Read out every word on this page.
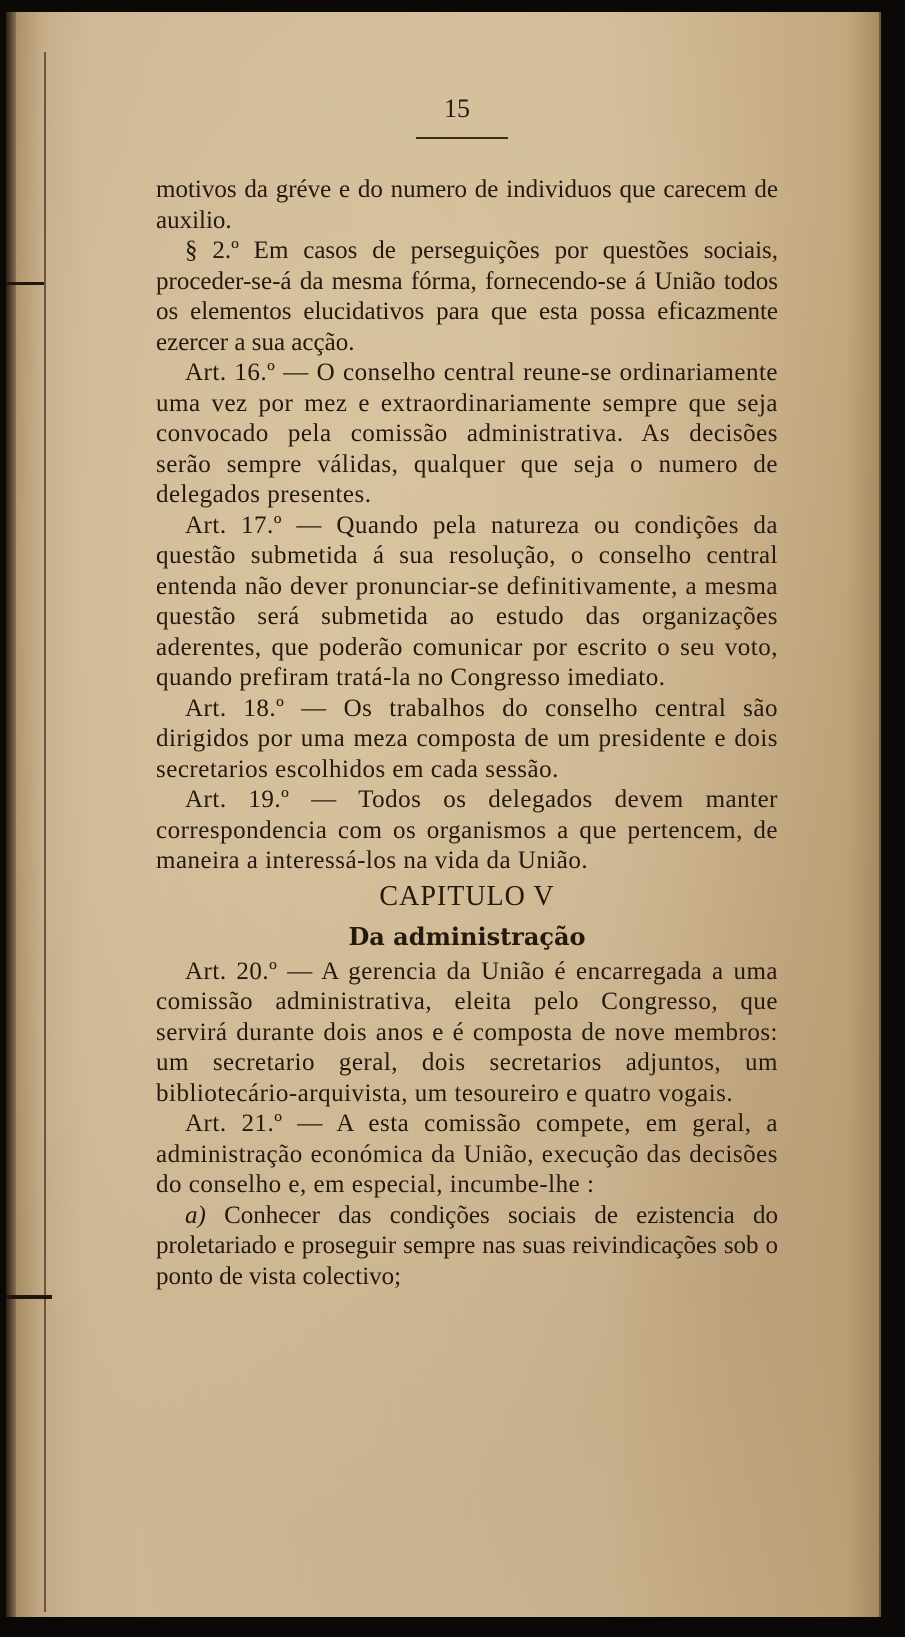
15

motivos da gréve e do numero de individuos que carecem de auxilio.

§ 2.º Em casos de perseguições por questões sociais, proceder-se-á da mesma fórma, fornecendo-se á União todos os elementos elucidativos para que esta possa eficazmente ezercer a sua acção.

Art. 16.º — O conselho central reune-se ordinariamente uma vez por mez e extraordinariamente sempre que seja convocado pela comissão administrativa. As decisões serão sempre válidas, qualquer que seja o numero de delegados presentes.

Art. 17.º — Quando pela natureza ou condições da questão submetida á sua resolução, o conselho central entenda não dever pronunciar-se definitivamente, a mesma questão será submetida ao estudo das organizações aderentes, que poderão comunicar por escrito o seu voto, quando prefiram tratá-la no Congresso imediato.

Art. 18.º — Os trabalhos do conselho central são dirigidos por uma meza composta de um presidente e dois secretarios escolhidos em cada sessão.

Art. 19.º — Todos os delegados devem manter correspondencia com os organismos a que pertencem, de maneira a interessá-los na vida da União.

CAPITULO V

Da administração

Art. 20.º — A gerencia da União é encarregada a uma comissão administrativa, eleita pelo Congresso, que servirá durante dois anos e é composta de nove membros: um secretario geral, dois secretarios adjuntos, um bibliotecário-arquivista, um tesoureiro e quatro vogais.

Art. 21.º — A esta comissão compete, em geral, a administração económica da União, execução das decisões do conselho e, em especial, incumbe-lhe :

a) Conhecer das condições sociais de ezistencia do proletariado e proseguir sempre nas suas reivindicações sob o ponto de vista colectivo;
